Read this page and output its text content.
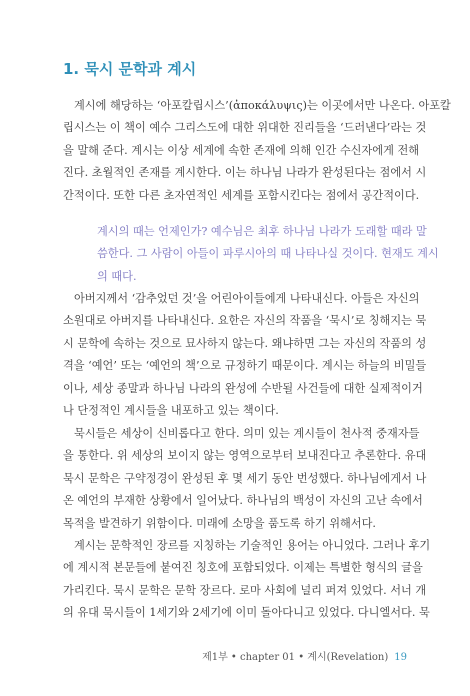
1. 묵시 문학과 계시

계시에 해당하는 ‘아포칼립시스’(ἀποκάλυψις)는 이곳에서만 나온다. 아포칼
립시스는 이 책이 예수 그리스도에 대한 위대한 진리들을 ‘드러낸다’라는 것
을 말해 준다. 계시는 이상 세계에 속한 존재에 의해 인간 수신자에게 전해
진다. 초월적인 존재를 계시한다. 이는 하나님 나라가 완성된다는 점에서 시
간적이다. 또한 다른 초자연적인 세계를 포함시킨다는 점에서 공간적이다.

계시의 때는 언제인가? 예수님은 최후 하나님 나라가 도래할 때라 말
씀한다. 그 사람이 아들이 파루시아의 때 나타나실 것이다. 현재도 계시
의 때다.

아버지께서 ‘감추었던 것’을 어린아이들에게 나타내신다. 아들은 자신의
소원대로 아버지를 나타내신다. 요한은 자신의 작품을 ‘묵시’로 칭해지는 묵
시 문학에 속하는 것으로 묘사하지 않는다. 왜냐하면 그는 자신의 작품의 성
격을 ‘예언’ 또는 ‘예언의 책’으로 규정하기 때문이다. 계시는 하늘의 비밀들
이나, 세상 종말과 하나님 나라의 완성에 수반될 사건들에 대한 실제적이거
나 단정적인 계시들을 내포하고 있는 책이다.

묵시들은 세상이 신비롭다고 한다. 의미 있는 계시들이 천사적 중재자들
을 통한다. 위 세상의 보이지 않는 영역으로부터 보내진다고 추론한다. 유대
묵시 문학은 구약정경이 완성된 후 몇 세기 동안 번성했다. 하나님에게서 나
온 예언의 부재한 상황에서 일어났다. 하나님의 백성이 자신의 고난 속에서
목적을 발견하기 위함이다. 미래에 소망을 품도록 하기 위해서다.

계시는 문학적인 장르를 지칭하는 기술적인 용어는 아니었다. 그러나 후기
에 계시적 본문들에 붙여진 칭호에 포함되었다. 이제는 특별한 형식의 글을
가리킨다. 묵시 문학은 문학 장르다. 로마 사회에 널리 퍼져 있었다. 서너 개
의 유대 묵시들이 1세기와 2세기에 이미 돌아다니고 있었다. 다니엘서다. 묵

제1부 • chapter 01 • 계시(Revelation) 19
